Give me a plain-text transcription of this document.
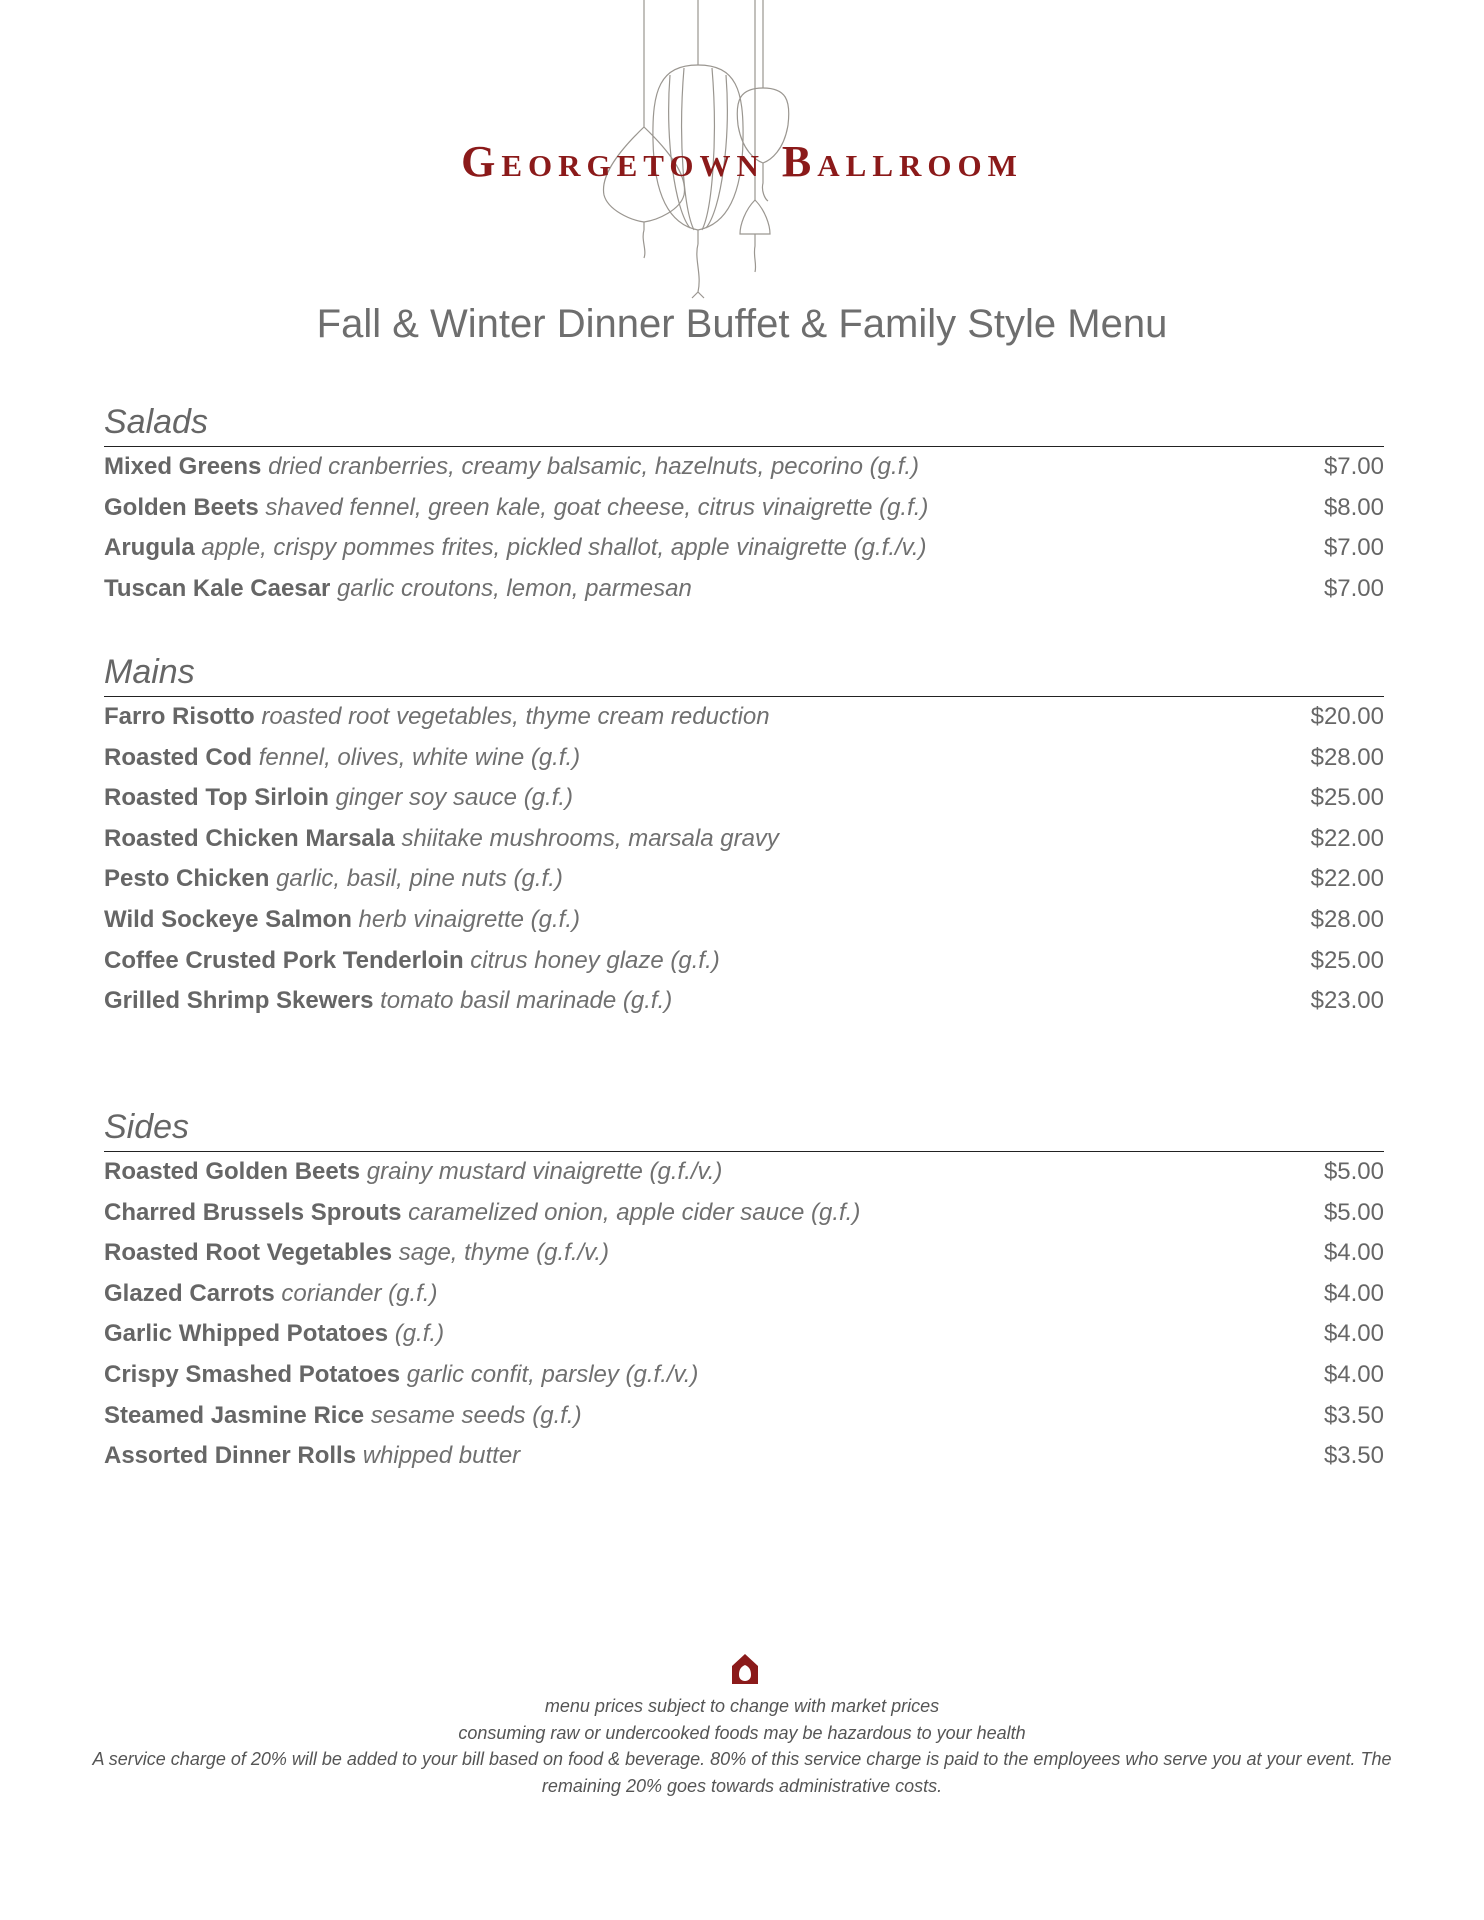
Georgetown Ballroom
Fall & Winter Dinner Buffet & Family Style Menu
Salads
Mixed Greens dried cranberries, creamy balsamic, hazelnuts, pecorino (g.f.)	$7.00
Golden Beets shaved fennel, green kale, goat cheese, citrus vinaigrette (g.f.)	$8.00
Arugula apple, crispy pommes frites, pickled shallot, apple vinaigrette (g.f./v.)	$7.00
Tuscan Kale Caesar garlic croutons, lemon, parmesan	$7.00
Mains
Farro Risotto roasted root vegetables, thyme cream reduction	$20.00
Roasted Cod fennel, olives, white wine (g.f.)	$28.00
Roasted Top Sirloin ginger soy sauce (g.f.)	$25.00
Roasted Chicken Marsala shiitake mushrooms, marsala gravy	$22.00
Pesto Chicken garlic, basil, pine nuts (g.f.)	$22.00
Wild Sockeye Salmon herb vinaigrette (g.f.)	$28.00
Coffee Crusted Pork Tenderloin citrus honey glaze (g.f.)	$25.00
Grilled Shrimp Skewers tomato basil marinade (g.f.)	$23.00
Sides
Roasted Golden Beets grainy mustard vinaigrette (g.f./v.)	$5.00
Charred Brussels Sprouts caramelized onion, apple cider sauce (g.f.)	$5.00
Roasted Root Vegetables sage, thyme (g.f./v.)	$4.00
Glazed Carrots coriander (g.f.)	$4.00
Garlic Whipped Potatoes (g.f.)	$4.00
Crispy Smashed Potatoes garlic confit, parsley (g.f./v.)	$4.00
Steamed Jasmine Rice sesame seeds (g.f.)	$3.50
Assorted Dinner Rolls whipped butter	$3.50
menu prices subject to change with market prices
consuming raw or undercooked foods may be hazardous to your health
A service charge of 20% will be added to your bill based on food & beverage. 80% of this service charge is paid to the employees who serve you at your event. The remaining 20% goes towards administrative costs.
